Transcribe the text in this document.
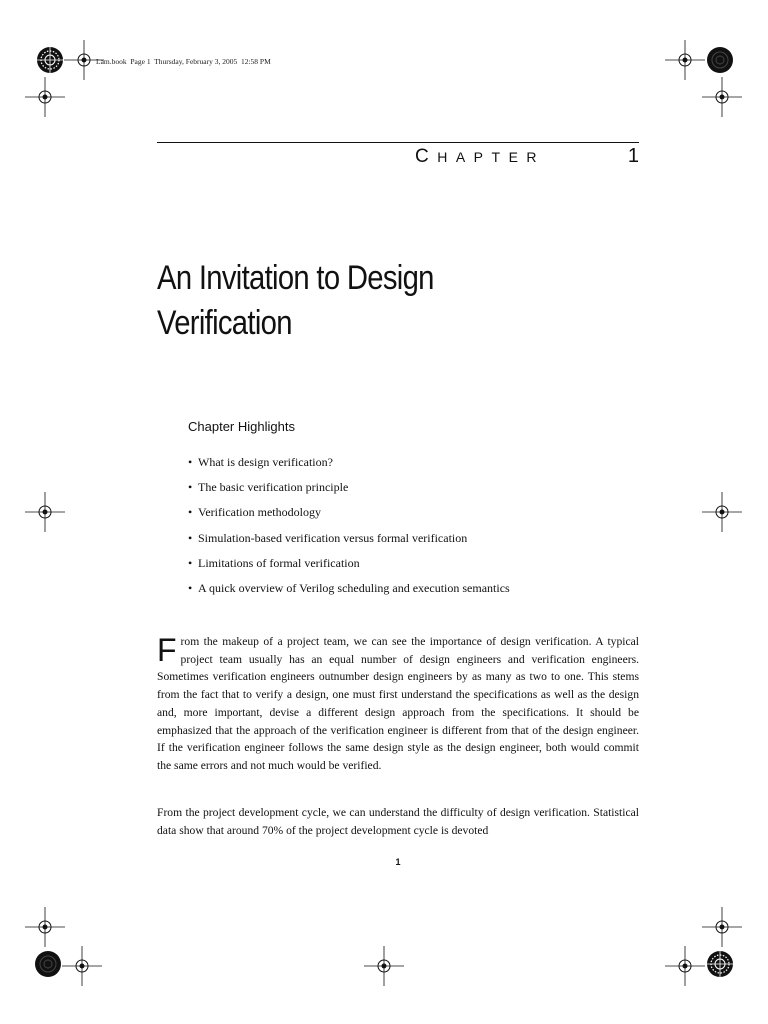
Lam.book  Page 1  Thursday, February 3, 2005  12:58 PM
CHAPTER	1
An Invitation to Design
Verification
Chapter Highlights
• What is design verification?
• The basic verification principle
• Verification methodology
• Simulation-based verification versus formal verification
• Limitations of formal verification
• A quick overview of Verilog scheduling and execution semantics

From the makeup of a project team, we can see the importance of design verification. A typical project team usually has an equal number of design engineers and verification engineers. Sometimes verification engineers outnumber design engineers by as many as two to one. This stems from the fact that to verify a design, one must first understand the specifications as well as the design and, more important, devise a different design approach from the specifications. It should be emphasized that the approach of the verification engineer is different from that of the design engineer. If the verification engineer follows the same design style as the design engineer, both would commit the same errors and not much would be verified.

From the project development cycle, we can understand the difficulty of design verification. Statistical data show that around 70% of the project development cycle is devoted

1
